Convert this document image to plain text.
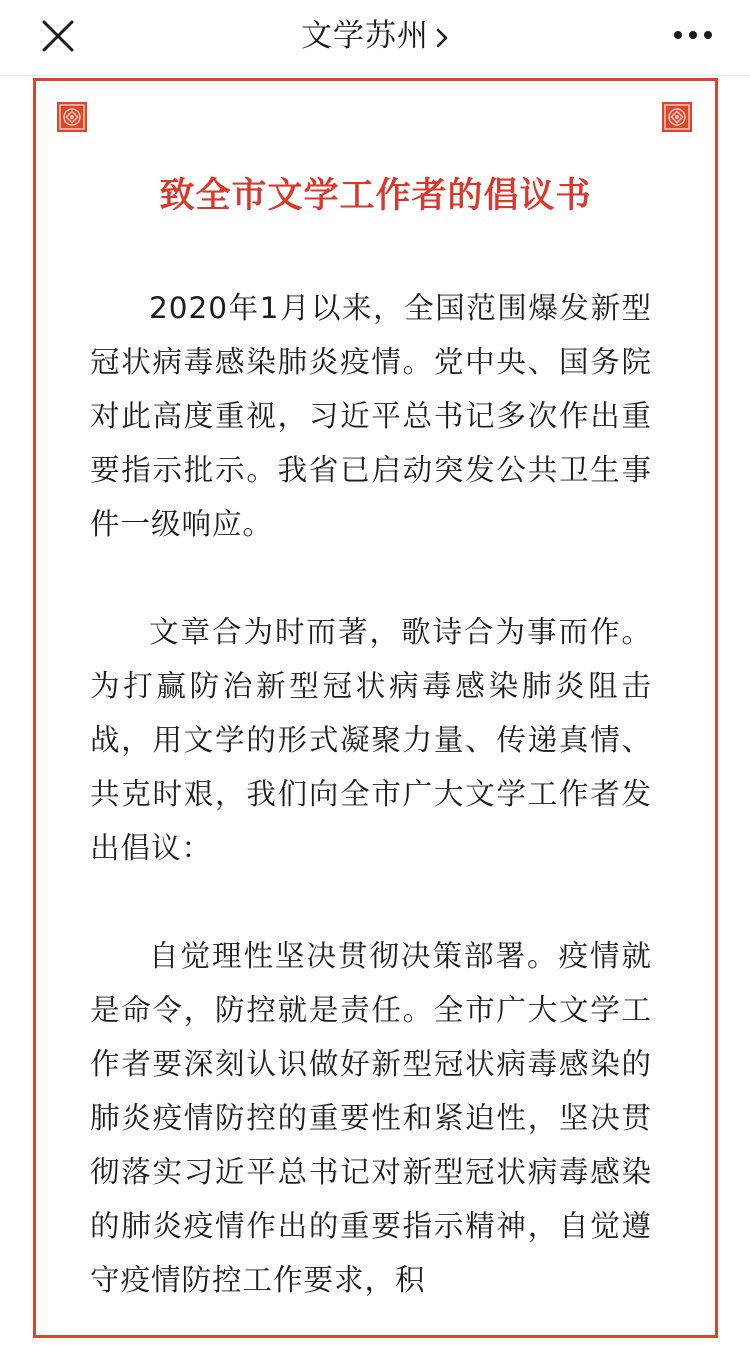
文学苏州
致全市文学工作者的倡议书

2020年1月以来，全国范围爆发新型冠状病毒感染肺炎疫情。党中央、国务院对此高度重视，习近平总书记多次作出重要指示批示。我省已启动突发公共卫生事件一级响应。

文章合为时而著，歌诗合为事而作。为打赢防治新型冠状病毒感染肺炎阻击战，用文学的形式凝聚力量、传递真情、共克时艰，我们向全市广大文学工作者发出倡议：

自觉理性坚决贯彻决策部署。疫情就是命令，防控就是责任。全市广大文学工作者要深刻认识做好新型冠状病毒感染的肺炎疫情防控的重要性和紧迫性，坚决贯彻落实习近平总书记对新型冠状病毒感染的肺炎疫情作出的重要指示精神，自觉遵守疫情防控工作要求，积
